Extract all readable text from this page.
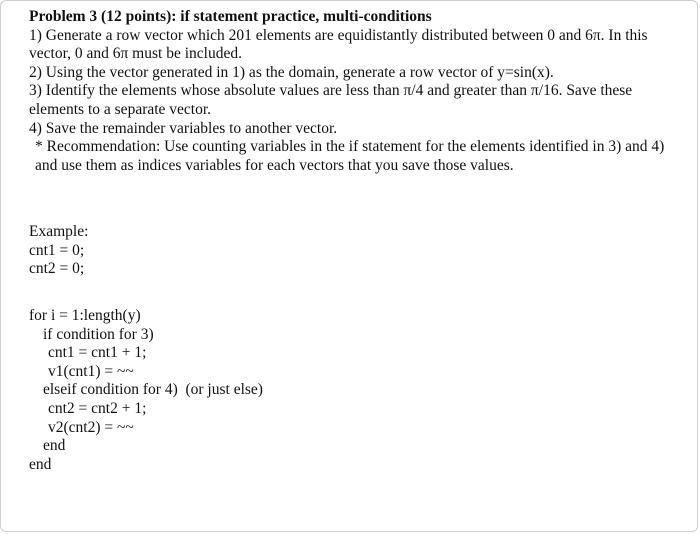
Problem 3 (12 points): if statement practice, multi-conditions

1) Generate a row vector which 201 elements are equidistantly distributed between 0 and 6π. In this vector, 0 and 6π must be included.

2) Using the vector generated in 1) as the domain, generate a row vector of y=sin(x).

3) Identify the elements whose absolute values are less than π/4 and greater than π/16. Save these elements to a separate vector.

4) Save the remainder variables to another vector.

* Recommendation: Use counting variables in the if statement for the elements identified in 3) and 4) and use them as indices variables for each vectors that you save those values.

Example:
cnt1 = 0;
cnt2 = 0;
for i = 1:length(y)
if condition for 3)
cnt1 = cnt1 + 1;
v1(cnt1) = ~~
elseif condition for 4)  (or just else)
cnt2 = cnt2 + 1;
v2(cnt2) = ~~
end
end
